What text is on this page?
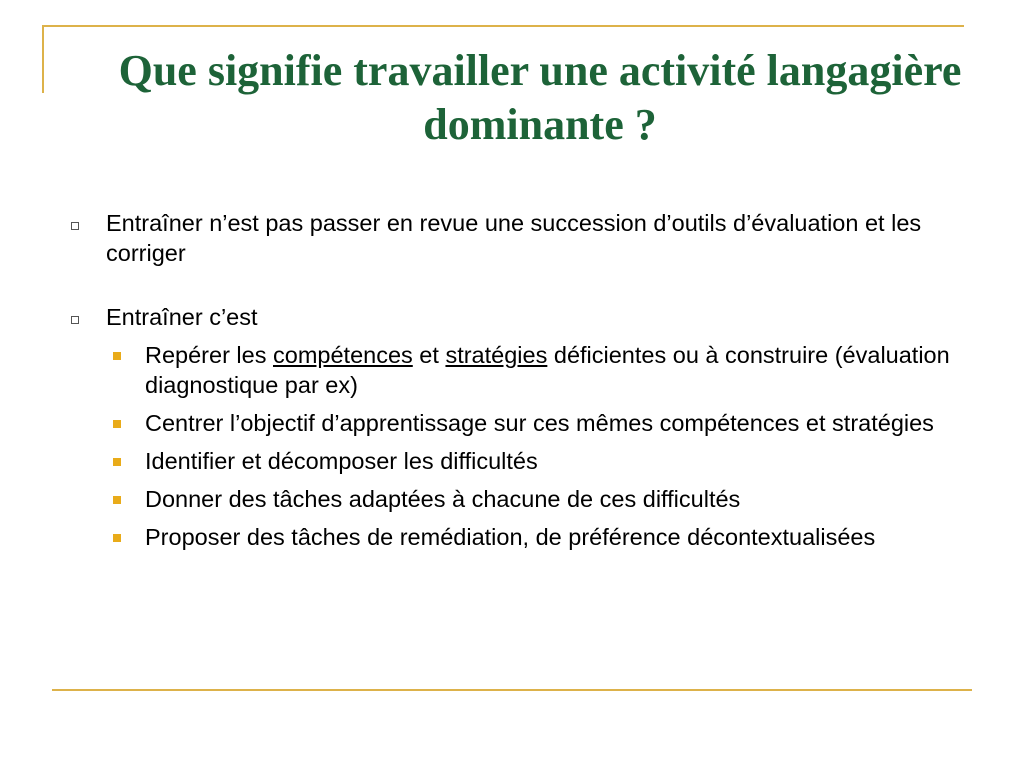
Que signifie travailler une activité langagière dominante ?
Entraîner n’est pas passer en revue une succession d’outils d’évaluation et les corriger
Entraîner c’est
Repérer les compétences et stratégies déficientes ou à construire (évaluation diagnostique par ex)
Centrer l’objectif d’apprentissage sur ces mêmes compétences et stratégies
Identifier et décomposer les difficultés
Donner des tâches adaptées à chacune de ces difficultés
Proposer des tâches de remédiation, de préférence décontextualisées
